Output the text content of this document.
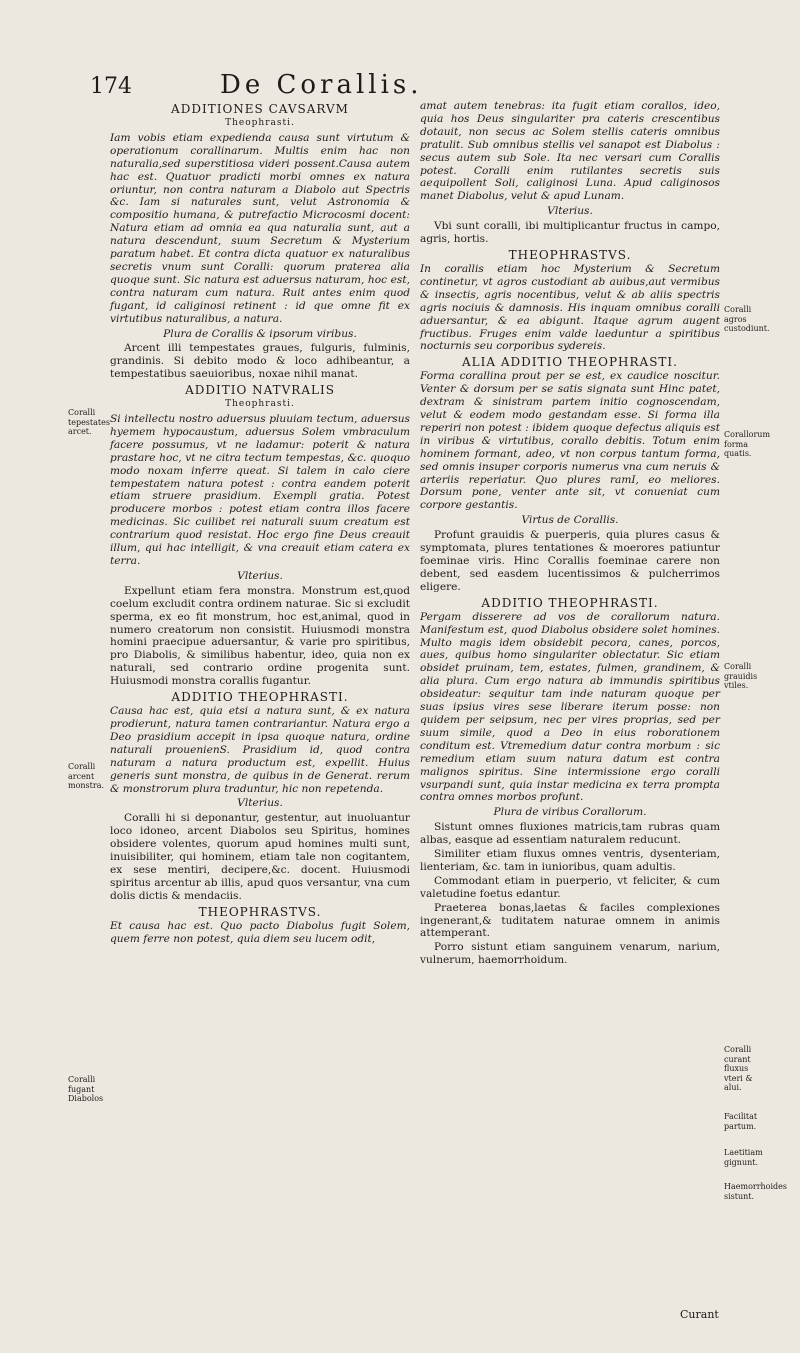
174	De Corallis.
ADDITIONES CAVSARVM
Theophrasti.

Iam vobis etiam expedienda causa sunt virtutum & operationum corallinarum. Multis enim hac non naturalia,sed superstitiosa videri possent.Causa autem hac est. Quatuor pradicti morbi omnes ex natura oriuntur, non contra naturam a Diabolo aut Spectris &c. Iam si naturales sunt, velut Astronomia & compositio humana, & putrefactio Microcosmi docent: Natura etiam ad omnia ea qua naturalia sunt, aut a natura descendunt, suum Secretum & Mysterium paratum habet. Et contra dicta quatuor ex naturalibus secretis vnum sunt Coralli: quorum praterea alia quoque sunt. Sic natura est aduersus naturam, hoc est, contra naturam cum natura. Ruit antes enim quod fugant, id caliginosi retinent : id que omne fit ex virtutibus naturalibus, a natura.

Plura de Corallis & ipsorum viribus.

Arcent illi tempestates graues, fulguris, fulminis, grandinis. Si debito modo & loco adhibeantur, a tempestatibus saeuioribus, noxae nihil manat.

ADDITIO NATVRALIS
Theophrasti.

Si intellectu nostro aduersus pluuiam tectum, aduersus hyemem hypocaustum, aduersus Solem vmbraculum facere possumus, vt ne ladamur: poterit & natura prastare hoc, vt ne citra tectum tempestas, &c. quoquo modo noxam inferre queat. Si talem in calo ciere tempestatem natura potest : contra eandem poterit etiam struere prasidium. Exempli gratia. Potest producere morbos : potest etiam contra illos facere medicinas. Sic cuilibet rei naturali suum creatum est contrarium quod resistat. Hoc ergo fine Deus creauit illum, qui hac intelligit, & vna creauit etiam catera ex terra.

Vlterius.

Expellunt etiam fera monstra. Monstrum est,quod coelum excludit contra ordinem naturae. Sic si excludit sperma, ex eo fit monstrum, hoc est,animal, quod in numero creatorum non consistit. Huiusmodi monstra homini praecipue aduersantur, & varie pro spiritibus, pro Diabolis, & similibus habentur, ideo, quia non ex naturali, sed contrario ordine progenita sunt. Huiusmodi monstra corallis fugantur.

ADDITIO THEOPHRASTI.

Causa hac est, quia etsi a natura sunt, & ex natura prodierunt, natura tamen contrariantur. Natura ergo a Deo prasidium accepit in ipsa quoque natura, ordine naturali prouenienS. Prasidium id, quod contra naturam a natura productum est, expellit. Huius generis sunt monstra, de quibus in de Generat. rerum & monstrorum plura traduntur, hic non repetenda.

Vlterius.

Coralli hi si deponantur, gestentur, aut inuoluantur loco idoneo, arcent Diabolos seu Spiritus, homines obsidere volentes, quorum apud homines multi sunt, inuisibiliter, qui hominem, etiam tale non cogitantem, ex sese mentiri, decipere,&c. docent. Huiusmodi spiritus arcentur ab illis, apud quos versantur, vna cum dolis dictis & mendaciis.

THEOPHRASTVS.

Et causa hac est. Quo pacto Diabolus fugit Solem, quem ferre non potest, quia diem seu lucem odit,

amat autem tenebras: ita fugit etiam corallos, ideo, quia hos Deus singulariter pra cateris crescentibus dotauit, non secus ac Solem stellis cateris omnibus pratulit. Sub omnibus stellis vel sanapot est Diabolus : secus autem sub Sole. Ita nec versari cum Corallis potest. Coralli enim rutilantes secretis suis aequipollent Soli, caliginosi Luna. Apud caliginosos manet Diabolus, velut & apud Lunam.

Vlterius.

Vbi sunt coralli, ibi multiplicantur fructus in campo, agris, hortis.

THEOPHRASTVS.

In corallis etiam hoc Mysterium & Secretum continetur, vt agros custodiant ab auibus,aut vermibus & insectis, agris nocentibus, velut & ab aliis spectris agris nociuis & damnosis. His inquam omnibus coralli aduersantur, & ea abigunt. Itaque agrum augent fructibus. Fruges enim valde laeduntur a spiritibus nocturnis seu corporibus sydereis.

ALIA ADDITIO THEOPHRASTI.

Forma corallina prout per se est, ex caudice noscitur. Venter & dorsum per se satis signata sunt Hinc patet, dextram & sinistram partem initio cognoscendam, velut & eodem modo gestandam esse. Si forma illa reperiri non potest : ibidem quoque defectus aliquis est in viribus & virtutibus, corallo debitis. Totum enim hominem formant, adeo, vt non corpus tantum forma, sed omnis insuper corporis numerus vna cum neruis & arteriis reperiatur. Quo plures ramI, eo meliores. Dorsum pone, venter ante sit, vt conueniat cum corpore gestantis.

Virtus de Corallis.

Profunt grauidis & puerperis, quia plures casus & symptomata, plures tentationes & moerores patiuntur foeminae viris. Hinc Corallis foeminae carere non debent, sed easdem lucentissimos & pulcherrimos eligere.

ADDITIO THEOPHRASTI.

Pergam disserere ad vos de corallorum natura. Manifestum est, quod Diabolus obsidere solet homines. Multo magis idem obsidebit pecora, canes, porcos, aues, quibus homo singulariter oblectatur. Sic etiam obsidet pruinam, tem, estates, fulmen, grandinem, & alia plura. Cum ergo natura ab immundis spiritibus obsideatur: sequitur tam inde naturam quoque per suas ipsius vires sese liberare iterum posse: non quidem per seipsum, nec per vires proprias, sed per suum simile, quod a Deo in eius roborationem conditum est. Vtremedium datur contra morbum : sic remedium etiam suum natura datum est contra malignos spiritus. Sine intermissione ergo coralli vsurpandi sunt, quia instar medicina ex terra prompta contra omnes morbos profunt.

Plura de viribus Corallorum.

Sistunt omnes fluxiones matricis,tam rubras quam albas, easque ad essentiam naturalem reducunt.

Similiter etiam fluxus omnes ventris, dysenteriam, lienteriam, &c. tam in iunioribus, quam adultis.

Commodant etiam in puerperio, vt feliciter, & cum valetudine foetus edantur.

Praeterea bonas,laetas & faciles complexiones ingenerant,& tuditatem naturae omnem in animis attemperant.

Porro sistunt etiam sanguinem venarum, narium, vulnerum, haemorrhoidum.

Coralli tepestates arcet.
Coralli arcent monstra.
Coralli fugant Diabolos
Coralli agros custodiunt.
Corallorum forma quatis.
Coralli grauidis vtiles.
Coralli curant fluxus vteri & alui.
Facilitat partum.
Laetitiam gignunt.
Haemorrhoides sistunt.
Curant
